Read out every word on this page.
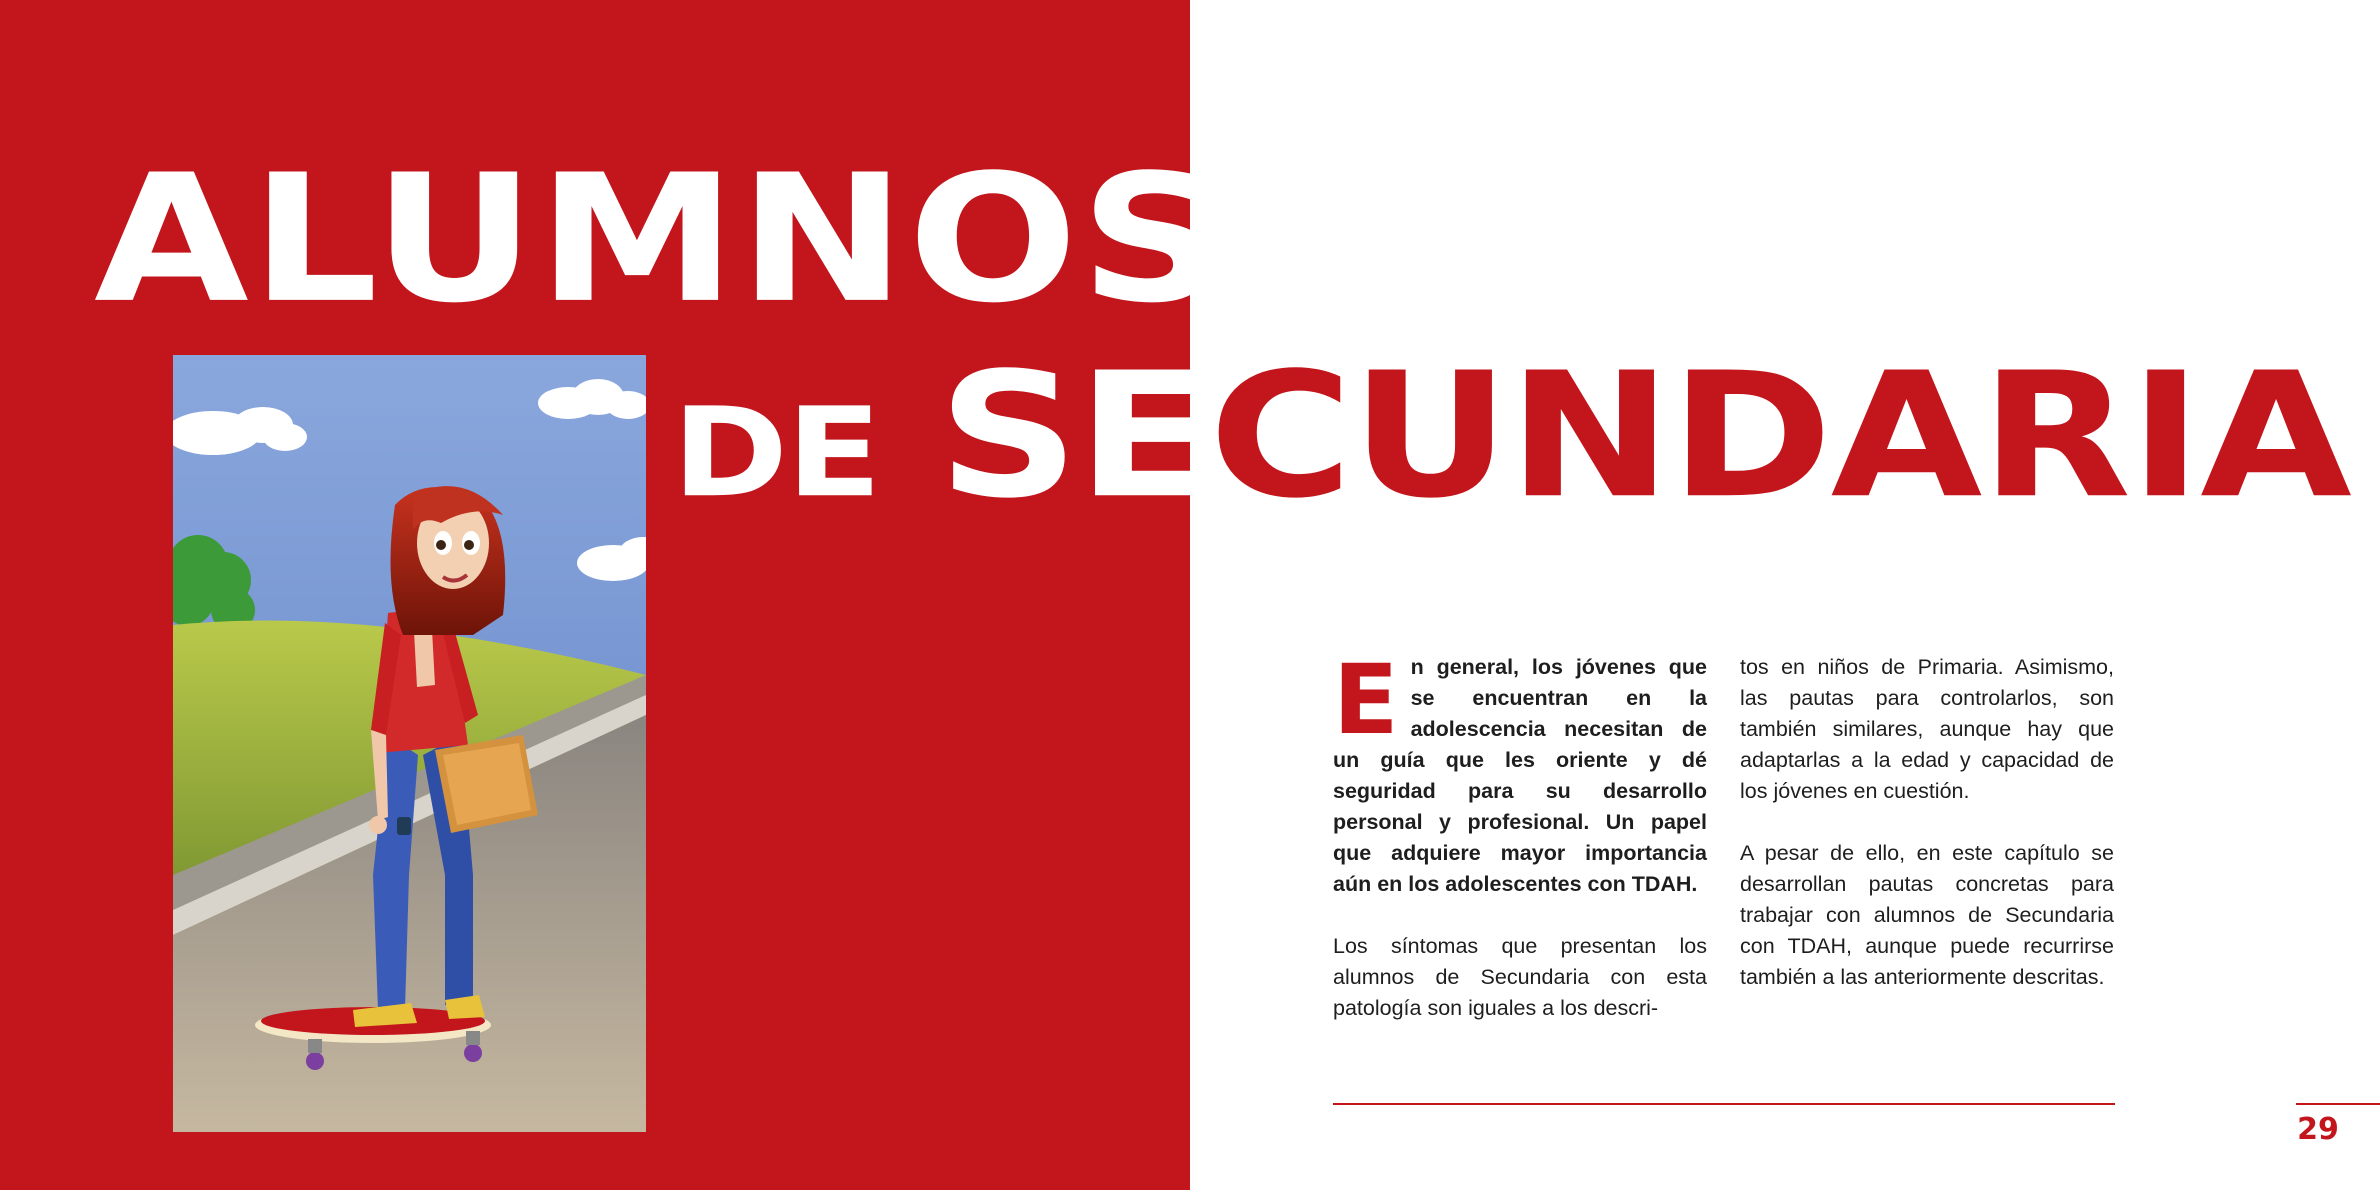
ALUMNOS
DE SECUNDARIA

En general, los jóvenes que se encuentran en la adolescencia necesitan de un guía que les oriente y dé seguridad para su desarrollo personal y profesional. Un papel que adquiere mayor importancia aún en los adolescentes con TDAH.

Los síntomas que presentan los alumnos de Secundaria con esta patología son iguales a los descri-

tos en niños de Primaria. Asimismo, las pautas para controlarlos, son también similares, aunque hay que adaptarlas a la edad y capacidad de los jóvenes en cuestión.

A pesar de ello, en este capítulo se desarrollan pautas concretas para trabajar con alumnos de Secundaria con TDAH, aunque puede recurrirse también a las anteriormente descritas.

29
